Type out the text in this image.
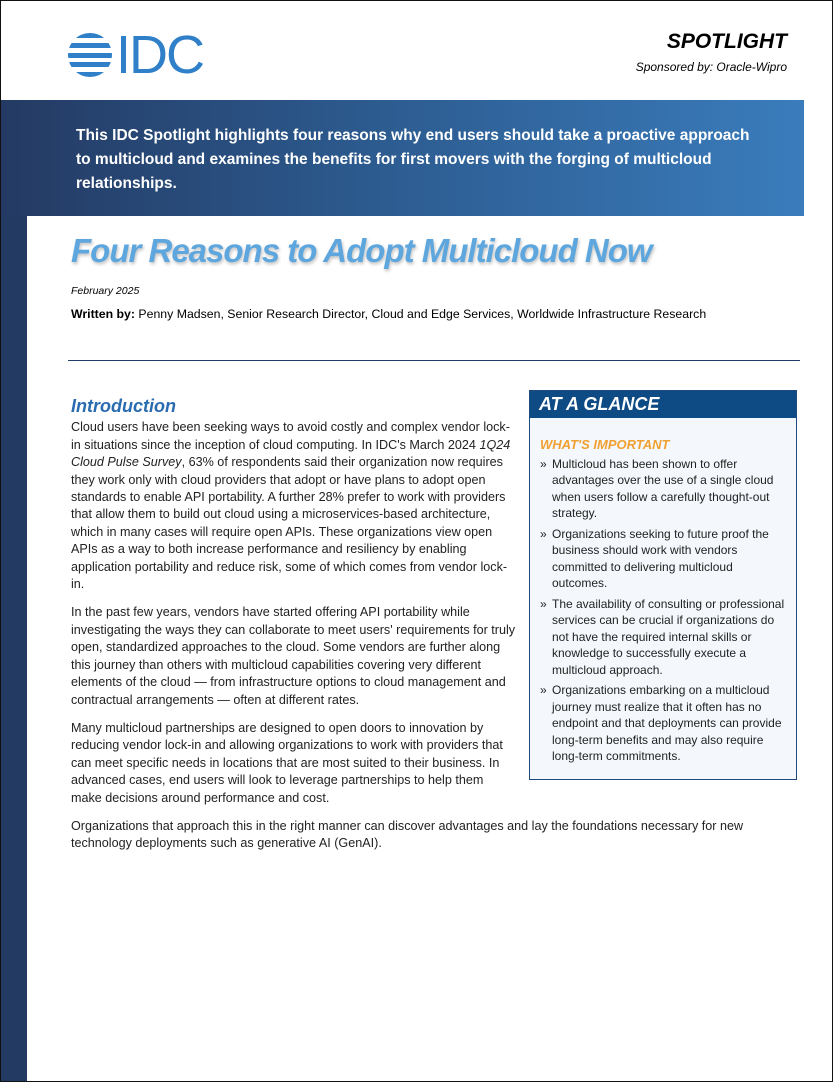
IDC	SPOTLIGHT
Sponsored by: Oracle-Wipro

This IDC Spotlight highlights four reasons why end users should take a proactive approach to multicloud and examines the benefits for first movers with the forging of multicloud relationships.

Four Reasons to Adopt Multicloud Now
February 2025
Written by: Penny Madsen, Senior Research Director, Cloud and Edge Services, Worldwide Infrastructure Research
AT A GLANCE
WHAT'S IMPORTANT
» Multicloud has been shown to offer advantages over the use of a single cloud when users follow a carefully thought-out strategy.
» Organizations seeking to future proof the business should work with vendors committed to delivering multicloud outcomes.
» The availability of consulting or professional services can be crucial if organizations do not have the required internal skills or knowledge to successfully execute a multicloud approach.
» Organizations embarking on a multicloud journey must realize that it often has no endpoint and that deployments can provide long-term benefits and may also require long-term commitments.
Introduction

Cloud users have been seeking ways to avoid costly and complex vendor lock-in situations since the inception of cloud computing. In IDC's March 2024 1Q24 Cloud Pulse Survey, 63% of respondents said their organization now requires they work only with cloud providers that adopt or have plans to adopt open standards to enable API portability. A further 28% prefer to work with providers that allow them to build out cloud using a microservices-based architecture, which in many cases will require open APIs. These organizations view open APIs as a way to both increase performance and resiliency by enabling application portability and reduce risk, some of which comes from vendor lock-in.

In the past few years, vendors have started offering API portability while investigating the ways they can collaborate to meet users' requirements for truly open, standardized approaches to the cloud. Some vendors are further along this journey than others with multicloud capabilities covering very different elements of the cloud — from infrastructure options to cloud management and contractual arrangements — often at different rates.

Many multicloud partnerships are designed to open doors to innovation by reducing vendor lock-in and allowing organizations to work with providers that can meet specific needs in locations that are most suited to their business. In advanced cases, end users will look to leverage partnerships to help them make decisions around performance and cost.

Organizations that approach this in the right manner can discover advantages and lay the foundations necessary for new technology deployments such as generative AI (GenAI).
